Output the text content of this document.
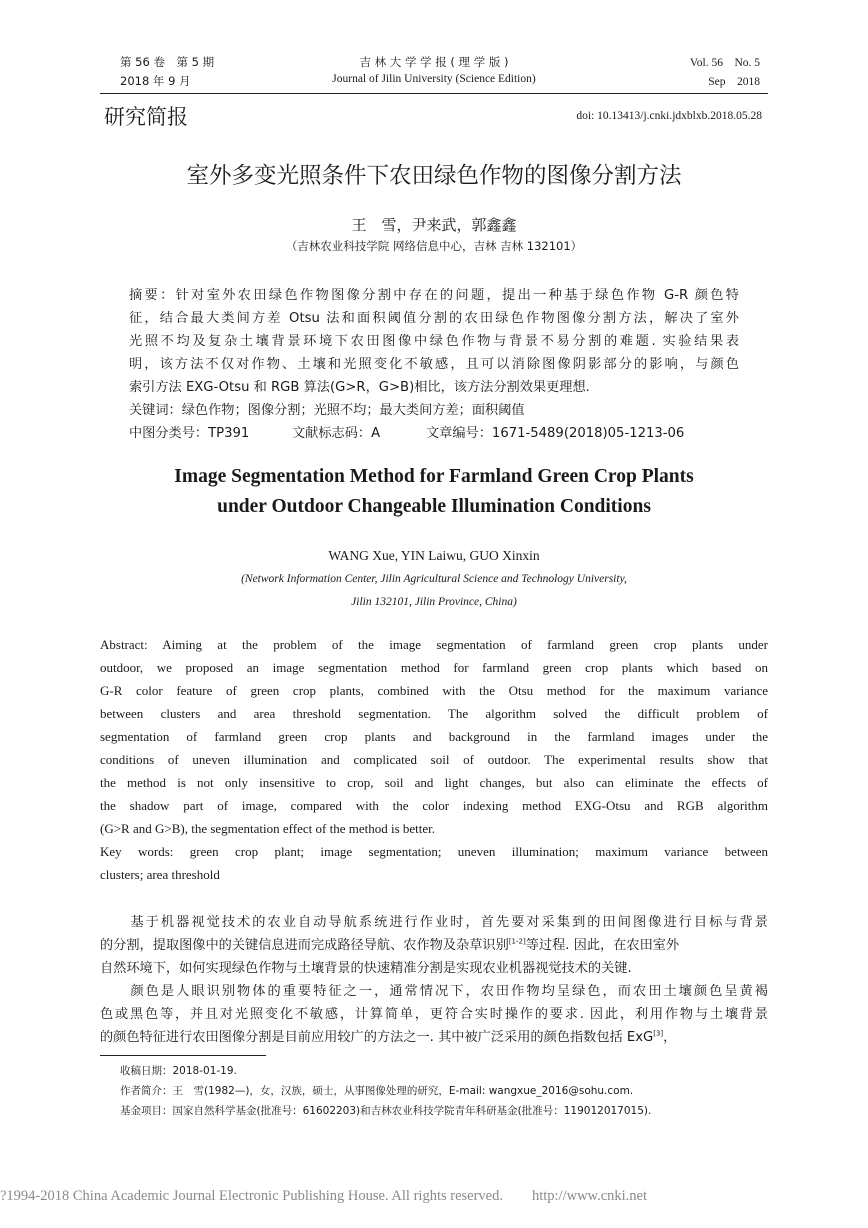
第 56 卷　第 5 期
2018 年 9 月
吉 林 大 学 学 报 ( 理 学 版 )
Journal of Jilin University (Science Edition)
Vol. 56　No. 5
Sep　2018
研究简报	doi: 10.13413/j.cnki.jdxblxb.2018.05.28
室外多变光照条件下农田绿色作物的图像分割方法
王　雪，尹来武，郭鑫鑫
（吉林农业科技学院 网络信息中心，吉林 吉林 132101）
摘要：针对室外农田绿色作物图像分割中存在的问题，提出一种基于绿色作物 G-R 颜色特
征，结合最大类间方差 Otsu 法和面积阈值分割的农田绿色作物图像分割方法，解决了室外
光照不均及复杂土壤背景环境下农田图像中绿色作物与背景不易分割的难题. 实验结果表
明，该方法不仅对作物、土壤和光照变化不敏感，且可以消除图像阴影部分的影响，与颜色
索引方法 EXG-Otsu 和 RGB 算法(G>R，G>B)相比，该方法分割效果更理想.
关键词：绿色作物；图像分割；光照不均；最大类间方差；面积阈值
中图分类号：TP391	文献标志码：A	文章编号：1671-5489(2018)05-1213-06
Image Segmentation Method for Farmland Green Crop Plants
under Outdoor Changeable Illumination Conditions
WANG Xue, YIN Laiwu, GUO Xinxin
(Network Information Center, Jilin Agricultural Science and Technology University,
Jilin 132101, Jilin Province, China)
Abstract: Aiming at the problem of the image segmentation of farmland green crop plants under
outdoor, we proposed an image segmentation method for farmland green crop plants which based on
G-R color feature of green crop plants, combined with the Otsu method for the maximum variance
between clusters and area threshold segmentation. The algorithm solved the difficult problem of
segmentation of farmland green crop plants and background in the farmland images under the
conditions of uneven illumination and complicated soil of outdoor. The experimental results show that
the method is not only insensitive to crop, soil and light changes, but also can eliminate the effects of
the shadow part of image, compared with the color indexing method EXG-Otsu and RGB algorithm
(G>R and G>B), the segmentation effect of the method is better.
Key words: green crop plant; image segmentation; uneven illumination; maximum variance between
clusters; area threshold
　　基于机器视觉技术的农业自动导航系统进行作业时，首先要对采集到的田间图像进行目标与背景
的分割，提取图像中的关键信息进而完成路径导航、农作物及杂草识别[1-2]等过程. 因此，在农田室外
自然环境下，如何实现绿色作物与土壤背景的快速精准分割是实现农业机器视觉技术的关键.
　　颜色是人眼识别物体的重要特征之一，通常情况下，农田作物均呈绿色，而农田土壤颜色呈黄褐
色或黑色等，并且对光照变化不敏感，计算简单，更符合实时操作的要求. 因此，利用作物与土壤背景
的颜色特征进行农田图像分割是目前应用较广的方法之一. 其中被广泛采用的颜色指数包括 ExG[3]，
收稿日期：2018-01-19.
作者简介：王　雪(1982—)，女，汉族，硕士，从事图像处理的研究，E-mail: wangxue_2016@sohu.com.
基金项目：国家自然科学基金(批准号：61602203)和吉林农业科技学院青年科研基金(批准号：119012017015).
?1994-2018 China Academic Journal Electronic Publishing House. All rights reserved.　　http://www.cnki.net
